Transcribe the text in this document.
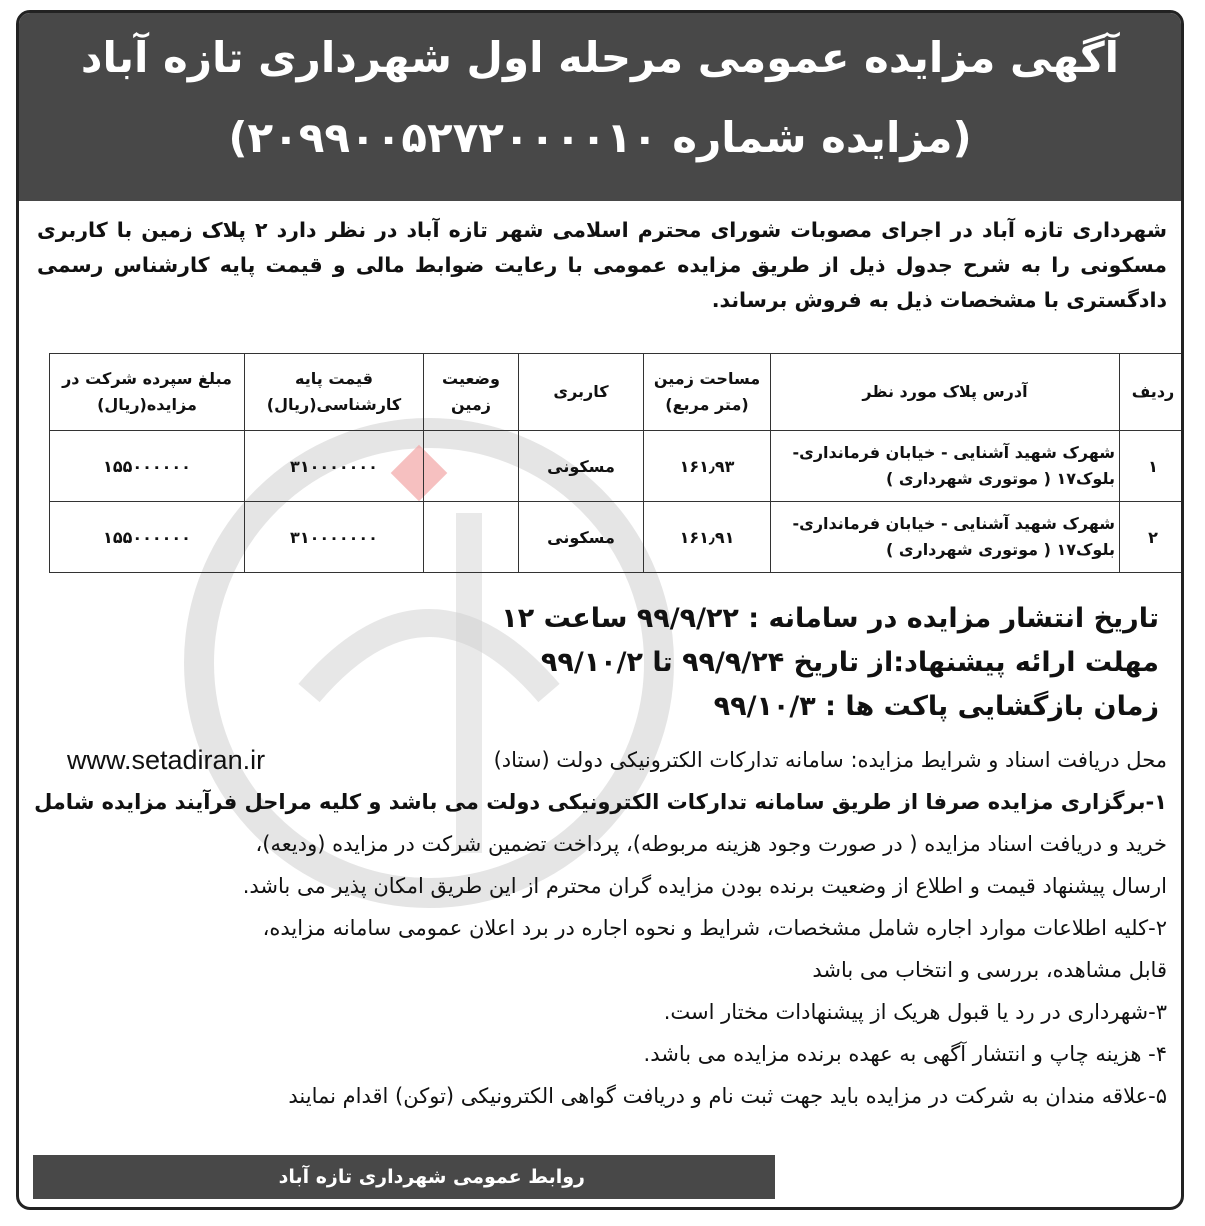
آگهی مزایده عمومی مرحله اول شهرداری تازه آباد
(مزایده شماره ۲۰۹۹۰۰۵۲۷۲۰۰۰۰۱۰)
شهرداری تازه آباد در اجرای مصوبات شورای محترم اسلامی شهر تازه آباد در نظر دارد ۲ پلاک زمین با کاربری مسکونی را به شرح جدول ذیل از طریق مزایده عمومی با رعایت ضوابط مالی و قیمت پایه کارشناس رسمی دادگستری با مشخصات ذیل به فروش برساند.
ردیف	آدرس پلاک مورد نظر	مساحت زمین (متر مربع)	کاربری	وضعیت زمین	قیمت پایه کارشناسی(ریال)	مبلغ سپرده شرکت در مزایده(ریال)
۱	شهرک شهید آشنایی - خیابان فرمانداری- بلوک۱۷ ( موتوری شهرداری )	۱۶۱٫۹۳	مسکونی		۳۱۰۰۰۰۰۰۰	۱۵۵۰۰۰۰۰۰
۲	شهرک شهید آشنایی - خیابان فرمانداری- بلوک۱۷ ( موتوری شهرداری )	۱۶۱٫۹۱	مسکونی		۳۱۰۰۰۰۰۰۰	۱۵۵۰۰۰۰۰۰
تاریخ انتشار مزایده در سامانه : ۹۹/۹/۲۲ ساعت ۱۲
مهلت ارائه پیشنهاد:از تاریخ ۹۹/۹/۲۴ تا ۹۹/۱۰/۲
زمان بازگشایی پاکت ها : ۹۹/۱۰/۳
محل دریافت اسناد و شرایط مزایده: سامانه تدارکات الکترونیکی دولت (ستاد)
www.setadiran.ir
۱-برگزاری مزایده صرفا از طریق سامانه تدارکات الکترونیکی دولت می باشد و کلیه مراحل فرآیند مزایده شامل
خرید و دریافت اسناد مزایده ( در صورت وجود هزینه مربوطه)، پرداخت تضمین شرکت در مزایده (ودیعه)،
ارسال پیشنهاد قیمت و اطلاع از وضعیت برنده بودن مزایده گران محترم از این طریق امکان پذیر می باشد.
۲-کلیه اطلاعات موارد اجاره شامل مشخصات، شرایط و نحوه اجاره در برد اعلان عمومی سامانه مزایده،
قابل مشاهده، بررسی و انتخاب می باشد
۳-شهرداری در رد یا قبول هریک از پیشنهادات مختار است.
۴- هزینه چاپ و انتشار آگهی به عهده برنده مزایده می باشد.
۵-علاقه مندان به شرکت در مزایده باید جهت ثبت نام و دریافت گواهی الکترونیکی (توکن) اقدام نمایند
روابط عمومی شهرداری تازه آباد
